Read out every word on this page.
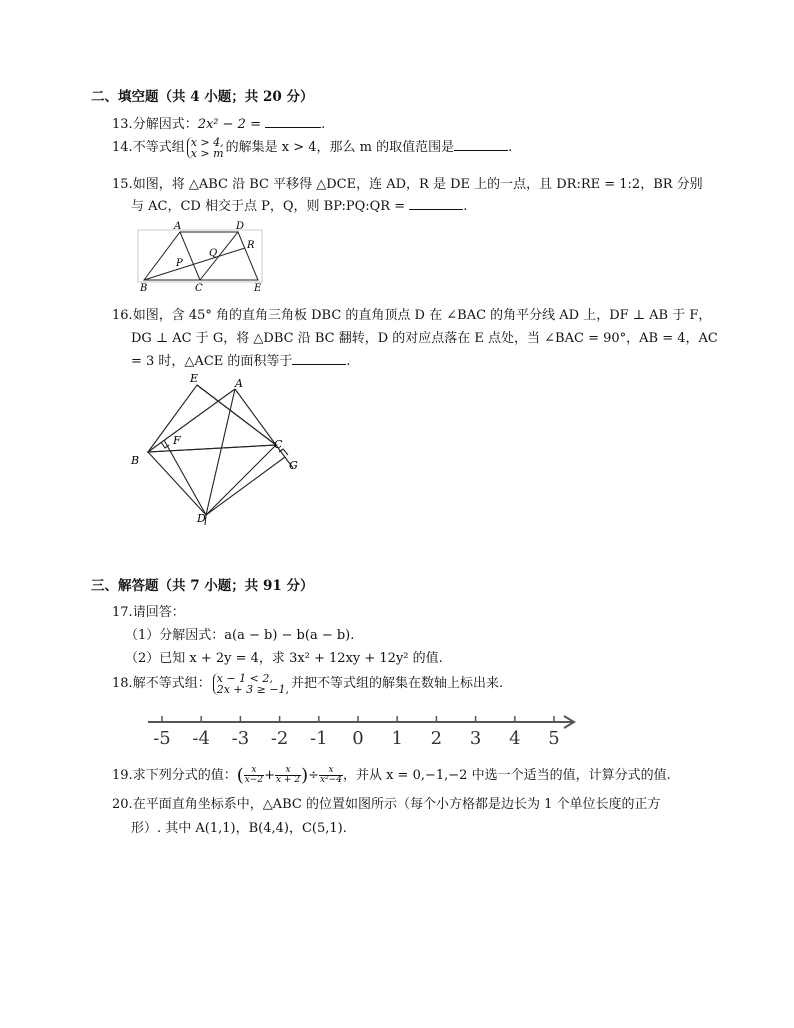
二、填空题（共 4 小题；共 20 分）
13.分解因式：2x² − 2 =	.
14.不等式组 x > 4,
x > m 的解集是 x > 4，那么 m 的取值范围是	.
15.如图，将 △ABC 沿 BC 平移得 △DCE，连 AD，R 是 DE 上的一点，且 DR:RE = 1:2，BR 分别
与 AC，CD 相交于点 P，Q，则 BP:PQ:QR =	.
A	D
R
Q
P
B	C	E
16.如图，含 45° 角的直角三角板 DBC 的直角顶点 D 在 ∠BAC 的角平分线 AD 上，DF ⊥ AB 于 F，
DG ⊥ AC 于 G，将 △DBC 沿 BC 翻转，D 的对应点落在 E 点处，当 ∠BAC = 90°，AB = 4，AC
= 3 时，△ACE 的面积等于	.
E	A
F	C
B	G
D
三、解答题（共 7 小题；共 91 分）
17.请回答：
（1）分解因式：a(a − b) − b(a − b).
（2）已知 x + 2y = 4，求 3x² + 12xy + 12y² 的值.
18.解不等式组： x − 1 < 2,
2x + 3 ≥ −1, 并把不等式组的解集在数轴上标出来.
-5 -4 -3 -2 -1 0 1 2 3 4 5
19.求下列分式的值：( $\frac{x}{x-2} + \frac{x}{x + 2}$ )÷ $\frac{x}{\text{x²−4}}$ ，并从 x = 0,−1,−2 中选一个适当的值，计算分式的值.
20.在平面直角坐标系中，△ABC 的位置如图所示（每个小方格都是边长为 1 个单位长度的正方
形）. 其中 A(1,1)，B(4,4)，C(5,1).
